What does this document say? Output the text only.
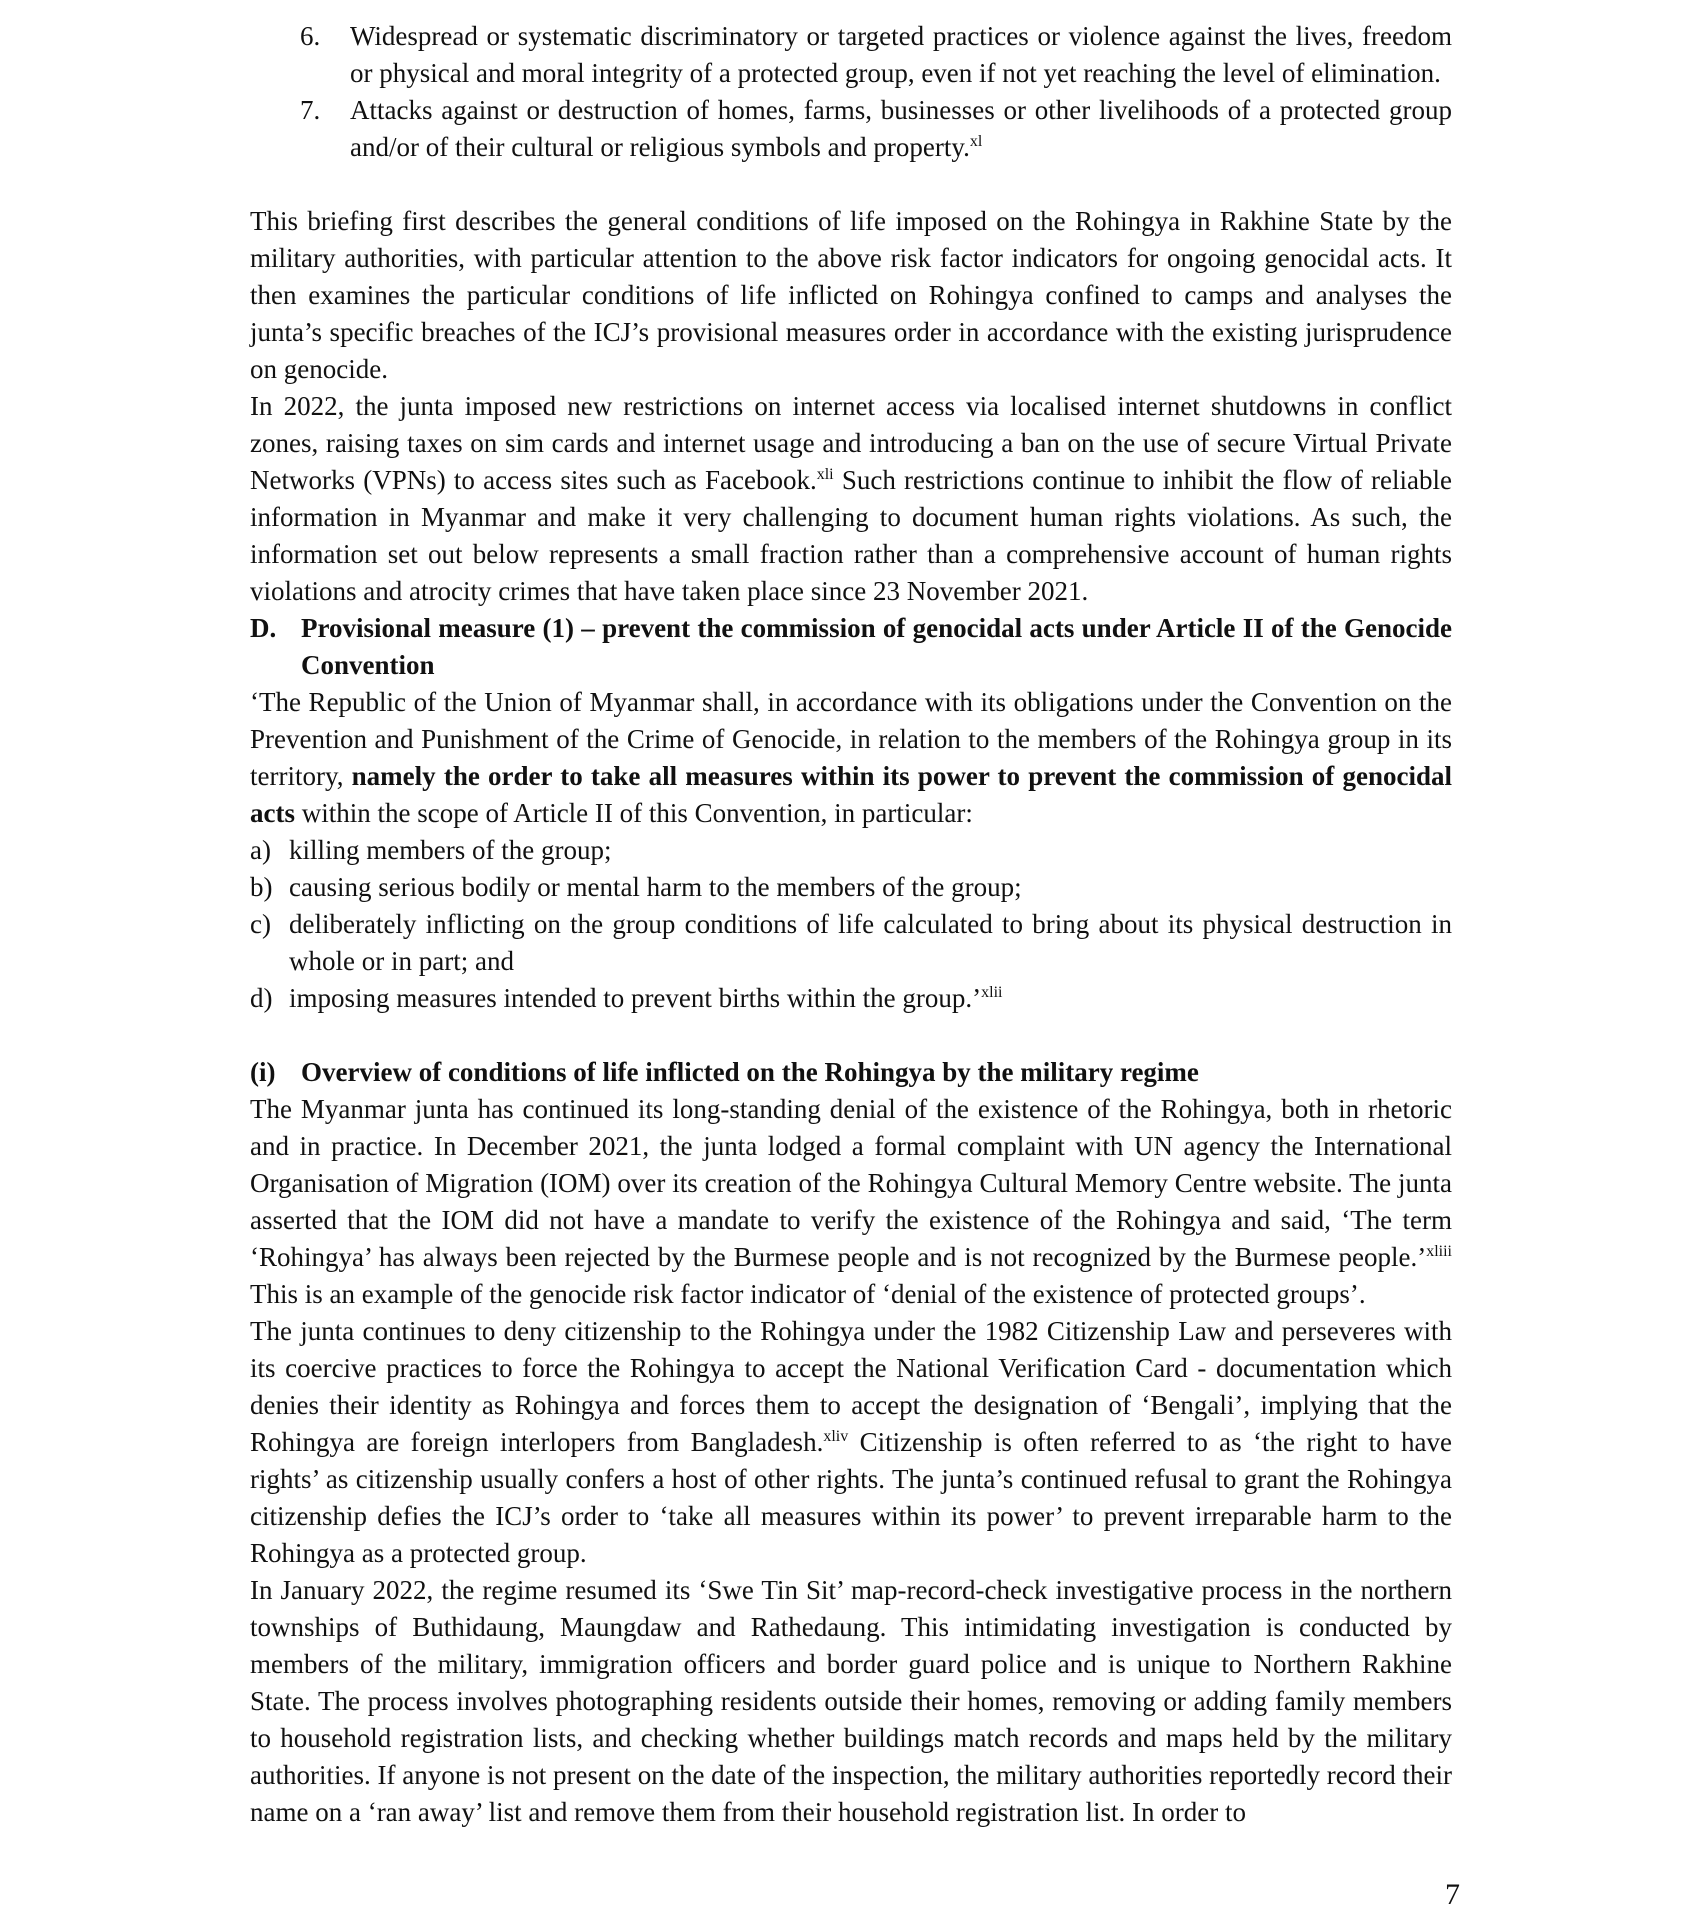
6. Widespread or systematic discriminatory or targeted practices or violence against the lives, freedom or physical and moral integrity of a protected group, even if not yet reaching the level of elimination.
7. Attacks against or destruction of homes, farms, businesses or other livelihoods of a protected group and/or of their cultural or religious symbols and property.$^{xl}$

This briefing first describes the general conditions of life imposed on the Rohingya in Rakhine State by the military authorities, with particular attention to the above risk factor indicators for ongoing genocidal acts. It then examines the particular conditions of life inflicted on Rohingya confined to camps and analyses the junta’s specific breaches of the ICJ’s provisional measures order in accordance with the existing jurisprudence on genocide.

In 2022, the junta imposed new restrictions on internet access via localised internet shutdowns in conflict zones, raising taxes on sim cards and internet usage and introducing a ban on the use of secure Virtual Private Networks (VPNs) to access sites such as Facebook.$^{xli}$ Such restrictions continue to inhibit the flow of reliable information in Myanmar and make it very challenging to document human rights violations. As such, the information set out below represents a small fraction rather than a comprehensive account of human rights violations and atrocity crimes that have taken place since 23 November 2021.

D. Provisional measure (1) – prevent the commission of genocidal acts under Article II of the Genocide Convention

‘The Republic of the Union of Myanmar shall, in accordance with its obligations under the Convention on the Prevention and Punishment of the Crime of Genocide, in relation to the members of the Rohingya group in its territory, namely the order to take all measures within its power to prevent the commission of genocidal acts within the scope of Article II of this Convention, in particular:

a) killing members of the group;
b) causing serious bodily or mental harm to the members of the group;
c) deliberately inflicting on the group conditions of life calculated to bring about its physical destruction in whole or in part; and
d) imposing measures intended to prevent births within the group.’$^{xlii}$
(i) Overview of conditions of life inflicted on the Rohingya by the military regime

The Myanmar junta has continued its long-standing denial of the existence of the Rohingya, both in rhetoric and in practice. In December 2021, the junta lodged a formal complaint with UN agency the International Organisation of Migration (IOM) over its creation of the Rohingya Cultural Memory Centre website. The junta asserted that the IOM did not have a mandate to verify the existence of the Rohingya and said, ‘The term ‘Rohingya’ has always been rejected by the Burmese people and is not recognized by the Burmese people.’$^{xliii}$ This is an example of the genocide risk factor indicator of ‘denial of the existence of protected groups’.

The junta continues to deny citizenship to the Rohingya under the 1982 Citizenship Law and perseveres with its coercive practices to force the Rohingya to accept the National Verification Card - documentation which denies their identity as Rohingya and forces them to accept the designation of ‘Bengali’, implying that the Rohingya are foreign interlopers from Bangladesh.$^{xliv}$ Citizenship is often referred to as ‘the right to have rights’ as citizenship usually confers a host of other rights. The junta’s continued refusal to grant the Rohingya citizenship defies the ICJ’s order to ‘take all measures within its power’ to prevent irreparable harm to the Rohingya as a protected group.

In January 2022, the regime resumed its ‘Swe Tin Sit’ map-record-check investigative process in the northern townships of Buthidaung, Maungdaw and Rathedaung. This intimidating investigation is conducted by members of the military, immigration officers and border guard police and is unique to Northern Rakhine State. The process involves photographing residents outside their homes, removing or adding family members to household registration lists, and checking whether buildings match records and maps held by the military authorities. If anyone is not present on the date of the inspection, the military authorities reportedly record their name on a ‘ran away’ list and remove them from their household registration list. In order to

7
